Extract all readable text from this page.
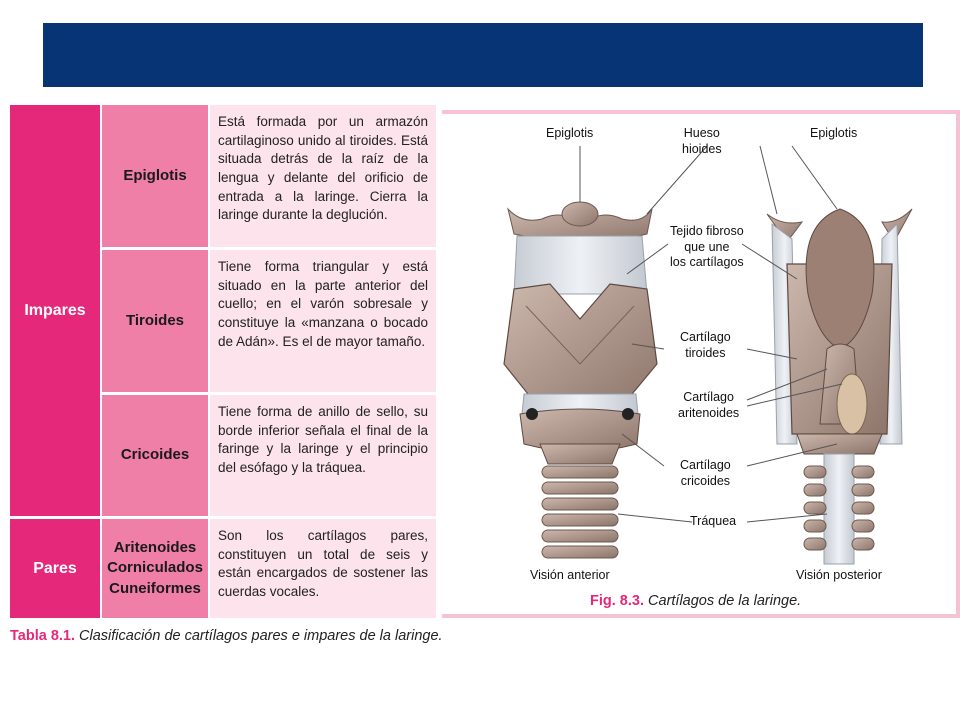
Impares
Pares
Epiglotis
Tiroides
Cricoides
Aritenoides
Corniculados
Cuneiformes
Está formada por un armazón cartilaginoso unido al tiroides. Está situada detrás de la raíz de la lengua y delante del orificio de entrada a la laringe. Cierra la laringe durante la deglución.
Tiene forma triangular y está situado en la parte anterior del cuello; en el varón sobresale y constituye la «manzana o bocado de Adán». Es el de mayor tamaño.
Tiene forma de anillo de sello, su borde inferior señala el final de la faringe y la laringe y el principio del esófago y la tráquea.
Son los cartílagos pares, constituyen un total de seis y están encargados de sostener las cuerdas vocales.
Epiglotis	Hueso
hioides
Epiglotis
Tejido fibroso
que une
los cartílagos
Cartílago
tiroides
Cartílago
aritenoides
Cartílago
cricoides
Tráquea
Visión anterior	Visión posterior
Fig. 8.3. Cartílagos de la laringe.
Tabla 8.1. Clasificación de cartílagos pares e impares de la laringe.
